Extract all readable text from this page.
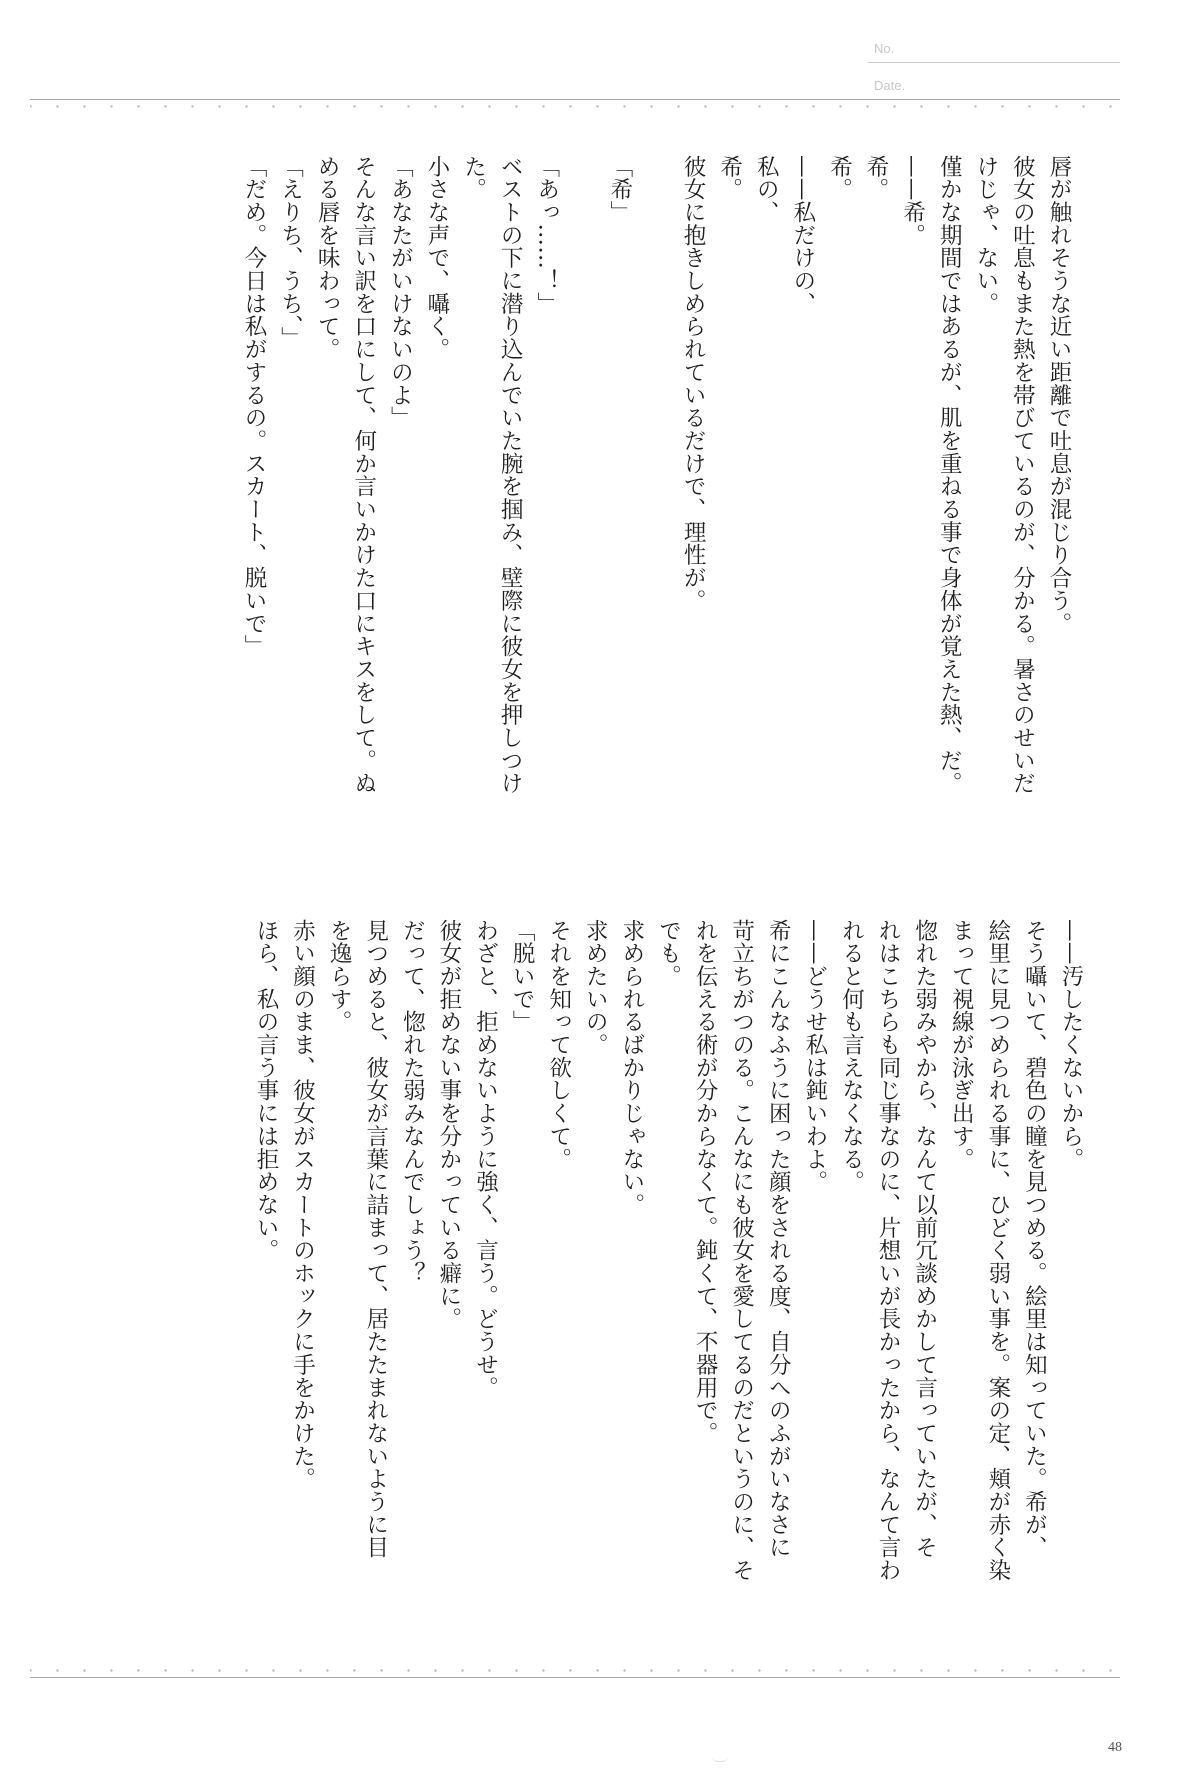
No.
Date.
唇が触れそうな近い距離で吐息が混じり合う。
彼女の吐息もまた熱を帯びているのが、分かる。暑さのせいだ
けじゃ、ない。
僅かな期間ではあるが、肌を重ねる事で身体が覚えた熱、だ。
——希。
希。
希。
——私だけの、
私の、
希。
彼女に抱きしめられているだけで、理性が。

「希」

「あっ……！」
ベストの下に潜り込んでいた腕を掴み、壁際に彼女を押しつけ
た。
小さな声で、囁く。
「あなたがいけないのよ」
そんな言い訳を口にして、何か言いかけた口にキスをして。ぬ
める唇を味わって。
「えりち、うち、」
「だめ。今日は私がするの。スカート、脱いで」
——汚したくないから。
そう囁いて、碧色の瞳を見つめる。絵里は知っていた。希が、
絵里に見つめられる事に、ひどく弱い事を。案の定、頬が赤く染
まって視線が泳ぎ出す。
惚れた弱みやから、なんて以前冗談めかして言っていたが、そ
れはこちらも同じ事なのに、片想いが長かったから、なんて言わ
れると何も言えなくなる。
——どうせ私は鈍いわよ。
希にこんなふうに困った顔をされる度、自分へのふがいなさに
苛立ちがつのる。こんなにも彼女を愛してるのだというのに、そ
れを伝える術が分からなくて。鈍くて、不器用で。
でも。
求められるばかりじゃない。
求めたいの。
それを知って欲しくて。
「脱いで」
わざと、拒めないように強く、言う。どうせ。
彼女が拒めない事を分かっている癖に。
だって、惚れた弱みなんでしょう？
見つめると、彼女が言葉に詰まって、居たたまれないように目
を逸らす。
赤い顔のまま、彼女がスカートのホックに手をかけた。
ほら、私の言う事には拒めない。
48
